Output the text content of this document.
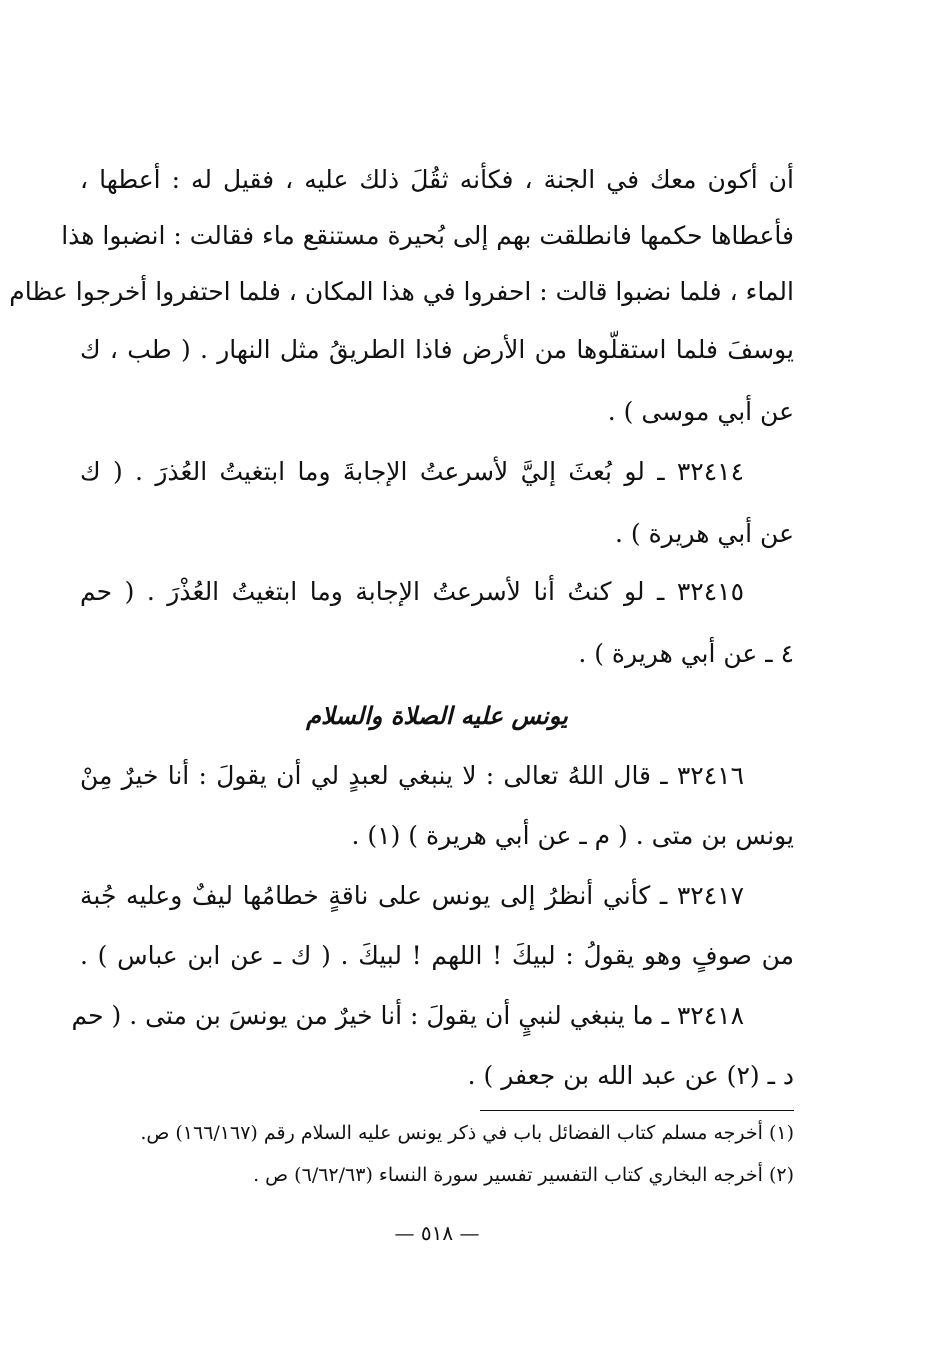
أن أكون معك في الجنة ، فكأنه ثقُلَ ذلك عليه ، فقيل له : أعطها ،
فأعطاها حكمها فانطلقت بهم إلى بُحيرة مستنقع ماء فقالت : انضبوا هذا
الماء ، فلما نضبوا قالت : احفروا في هذا المكان ، فلما احتفروا أخرجوا عظام
يوسفَ فلما استقلّوها من الأرض فاذا الطريقُ مثل النهار . ( طب ، ك
عن أبي موسى ) .
٣٢٤١٤ ـ لو بُعثَ إليَّ لأسرعتُ الإجابةَ وما ابتغيتُ العُذرَ . ( ك
عن أبي هريرة ) .
٣٢٤١٥ ـ لو كنتُ أنا لأسرعتُ الإجابة وما ابتغيتُ العُذْرَ . ( حم
٤ ـ عن أبي هريرة ) .
يونس عليه الصلاة والسلام
٣٢٤١٦ ـ قال اللهُ تعالى : لا ينبغي لعبدٍ لي أن يقولَ : أنا خيرٌ مِنْ
يونس بن متى . ( م ـ عن أبي هريرة ) (١) .
٣٢٤١٧ ـ كأني أنظرُ إلى يونس على ناقةٍ خطامُها ليفٌ وعليه جُبة
من صوفٍ وهو يقولُ : لبيكَ ! اللهم ! لبيكَ . ( ك ـ عن ابن عباس ) .
٣٢٤١٨ ـ ما ينبغي لنبيٍ أن يقولَ : أنا خيرٌ من يونسَ بن متى . ( حم
د ـ (٢) عن عبد الله بن جعفر ) .
(١) أخرجه مسلم كتاب الفضائل باب في ذكر يونس عليه السلام رقم (١٦٦/١٦٧) ص.
(٢) أخرجه البخاري كتاب التفسير تفسير سورة النساء (٦/٦٢/٦٣) ص .
— ٥١٨ —
